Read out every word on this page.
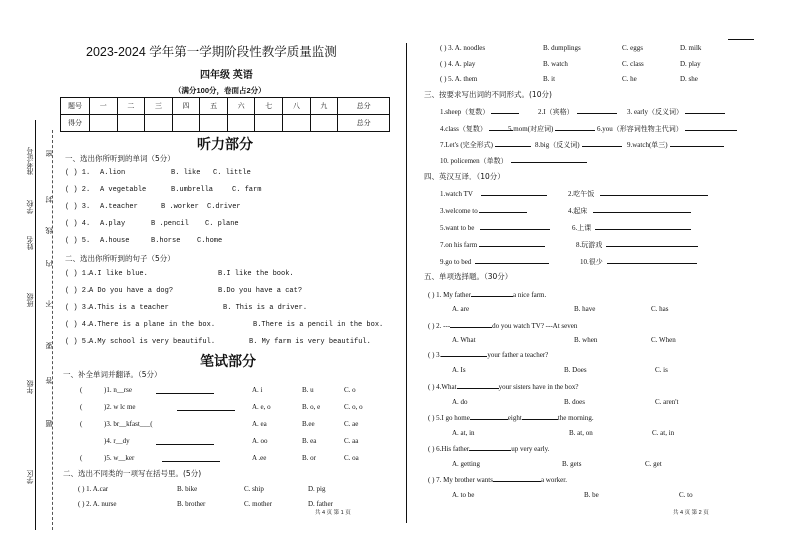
准考证号
学校
姓名
班级
年级
学区
密
封
线
内
不
要
答
题
2023-2024 学年第一学期阶段性教学质量监测
四年级 英语
（满分100分，卷面占2分）
题号	一	二	三	四	五	六	七	八	九	总分
得分										总分
听力部分
一、选出你所听到的单词（5分）
( ) 1. A.lion	B. like C. little
( ) 2. A vegetable	B.umbrella	C. farm
( ) 3. A.teacher	B .worker C.driver
( ) 4. A.play	B .pencil C. plane
( ) 5. A.house	B.horse C.home
二、选出你所听到的句子（5分）
( ) 1.
A.I like blue.	B.I like the book.
( ) 2.
A Do you have a dog?	B.Do you have a cat?
( ) 3.
A.This is a teacher	B. This is a driver.
( ) 4.
A.There is a plane in the box.	B.There is a pencil in the box.
( ) 5.
A.My school is very beautiful.	B. My farm is very beautiful.
笔试部分
一、补全单词并翻译。（5分）
(	)1. n__rse	A. i	B. u	C. o
(	)2. w lc me	A. e, o	B. o, e	C. o, o
(	)3. br__kfast___(	A. ea	B.ee	C. ae
)4. r__dy	A. oo	B. ea	C. aa
(	)5. w__ker	A .ee	B. or	C. oa
二、选出不同类的一项写在括号里。(5分)
( ) 1. A.car	B. bike	C. ship	D. pig
( ) 2. A. nurse	B. brother	C. mother	D. father
共 4 页 第 1 页
( ) 3. A. noodles	B. dumplings	C. eggs	D. milk
( ) 4. A. play	B. watch	C. class	D. play
( ) 5. A. them	B. it	C. he	D. she
三、按要求写出词的不同形式。(10分)
1.sheep（复数）	2.I（宾格）	3. early（反义词）
4.class（复数）	5.mom(对应词)	6.you（形容词性物主代词）
7.Let's (完全形式)	8.big（反义词)	9.watch(单三)
10. policemen（单数）
四、英汉互译．（10分）
1.watch TV	2.吃午饭
3.welcome to	4.起床
5.want to be	6.上课
7.on his farm	8.玩游戏
9.go to bed	10.很少
五、单项选择题。（30分）
( ) 1. My father	a nice farm.
A. are	B. have	C. has
( ) 2. ---	do you watch TV? ---At seven
A. What	B. when	C. When
( ) 3.	your father a teacher?
A. Is	B. Does	C. is
( ) 4.What	your sisters have in the box?
A. do	B. does	C. aren't
( ) 5.I go home	eight	the morning.
A. at, in	B. at, on	C. at, in
( ) 6.His father	up very early.
A. getting	B. gets	C. get
( ) 7. My brother wants	a worker.
A. to be	B. be	C. to
共 4 页 第 2 页
